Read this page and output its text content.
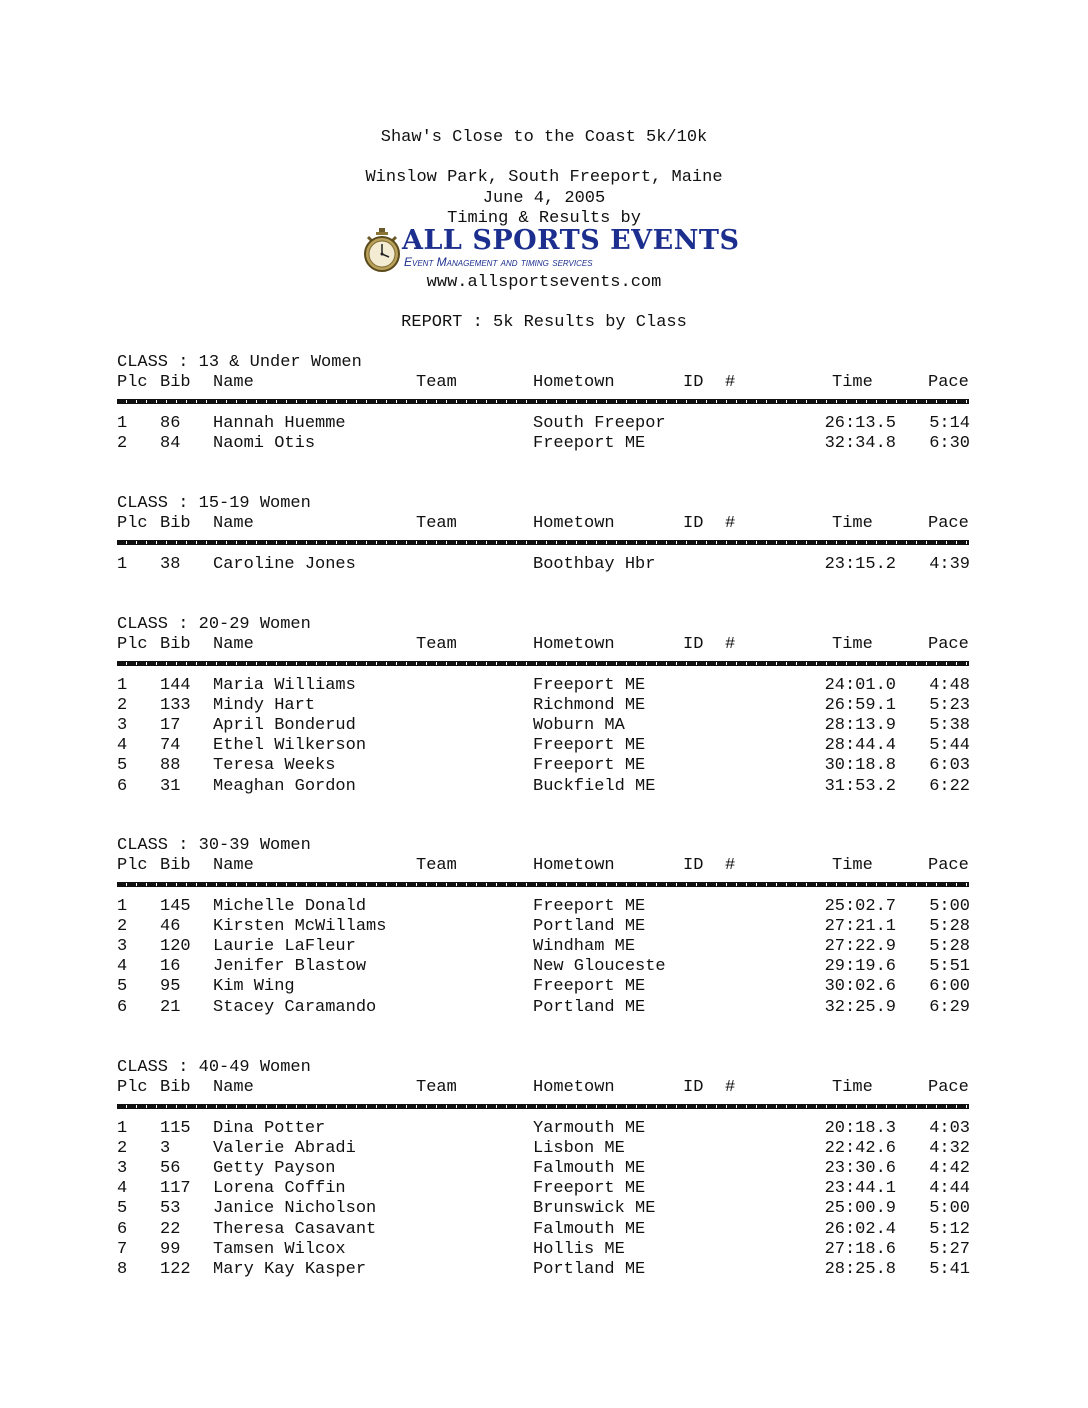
Shaw's Close to the Coast 5k/10k
Winslow Park, South Freeport, Maine
June 4, 2005
Timing & Results by
ALL SPORTS EVENTS
Event Management and timing services
www.allsportsevents.com
REPORT : 5k Results by Class
CLASS : 13 & Under Women
Plc Bib Name	Team	Hometown	ID #	Time	Pace
1 86 Hannah Huemme	South Freepor	26:13.5 5:14
2 84 Naomi Otis	Freeport ME	32:34.8 6:30
CLASS : 15-19 Women
Plc Bib Name	Team	Hometown	ID #	Time	Pace
1 38 Caroline Jones	Boothbay Hbr	23:15.2 4:39
CLASS : 20-29 Women
Plc Bib Name	Team	Hometown	ID #	Time	Pace
1 144 Maria Williams	Freeport ME	24:01.0 4:48
2 133 Mindy Hart	Richmond ME	26:59.1 5:23
3 17 April Bonderud	Woburn MA	28:13.9 5:38
4 74 Ethel Wilkerson	Freeport ME	28:44.4 5:44
5 88 Teresa Weeks	Freeport ME	30:18.8 6:03
6 31 Meaghan Gordon	Buckfield ME	31:53.2 6:22
CLASS : 30-39 Women
Plc Bib Name	Team	Hometown	ID #	Time	Pace
1 145 Michelle Donald	Freeport ME	25:02.7 5:00
2 46 Kirsten McWillams	Portland ME	27:21.1 5:28
3 120 Laurie LaFleur	Windham ME	27:22.9 5:28
4 16 Jenifer Blastow	New Glouceste	29:19.6 5:51
5 95 Kim Wing	Freeport ME	30:02.6 6:00
6 21 Stacey Caramando	Portland ME	32:25.9 6:29
CLASS : 40-49 Women
Plc Bib Name	Team	Hometown	ID #	Time	Pace
1 115 Dina Potter	Yarmouth ME	20:18.3 4:03
2 3	Valerie Abradi	Lisbon ME	22:42.6 4:32
3 56 Getty Payson	Falmouth ME	23:30.6 4:42
4 117 Lorena Coffin	Freeport ME	23:44.1 4:44
5 53 Janice Nicholson	Brunswick ME	25:00.9 5:00
6 22 Theresa Casavant	Falmouth ME	26:02.4 5:12
7 99 Tamsen Wilcox	Hollis ME	27:18.6 5:27
8 122 Mary Kay Kasper	Portland ME	28:25.8 5:41
